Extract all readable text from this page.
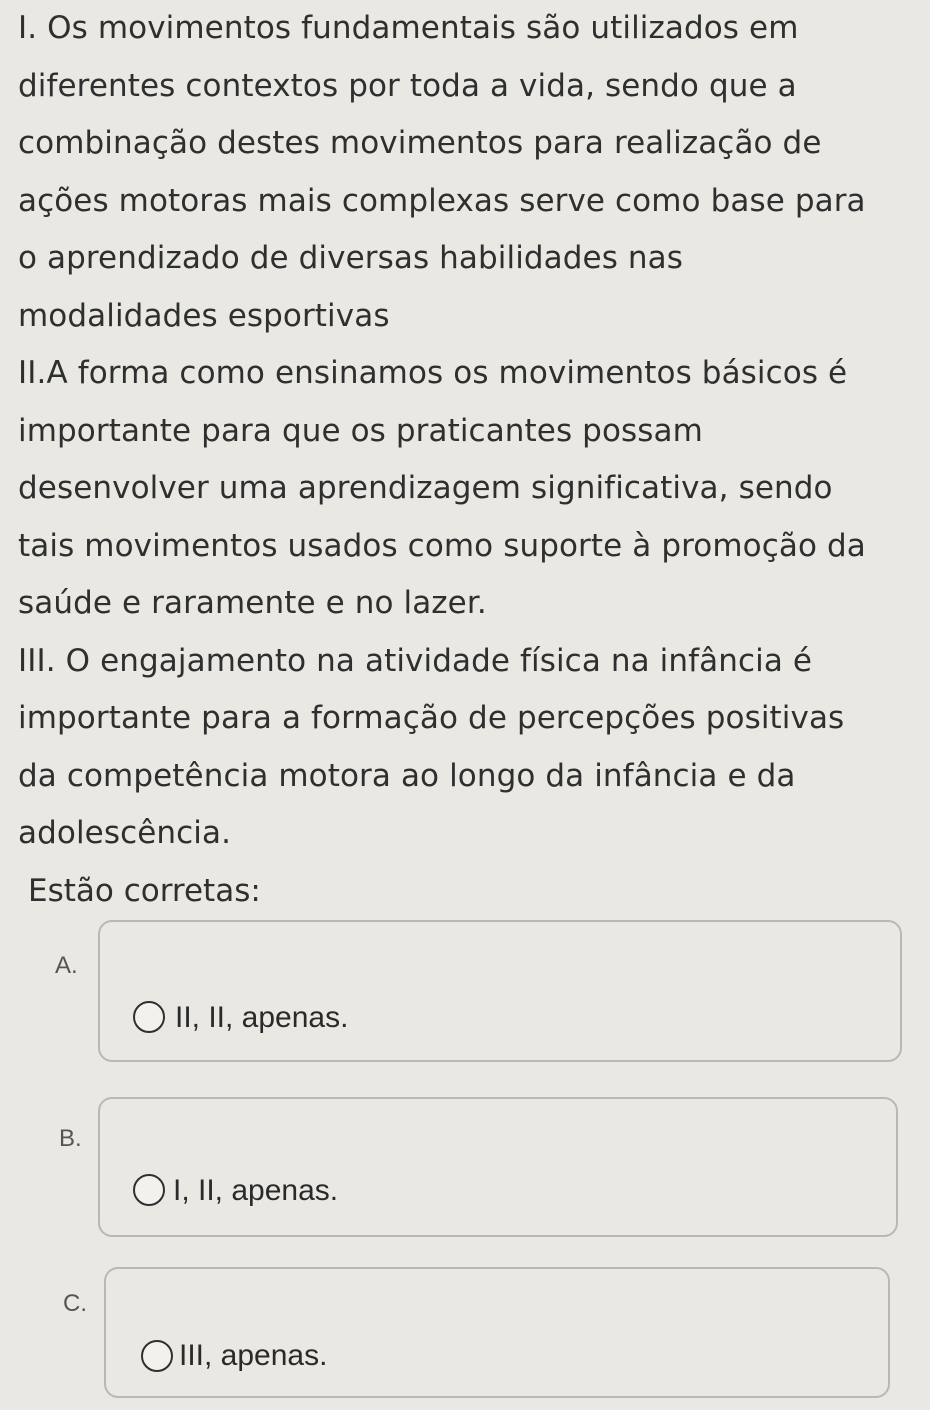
I. Os movimentos fundamentais são utilizados em

diferentes contextos por toda a vida, sendo que a

combinação destes movimentos para realização de

ações motoras mais complexas serve como base para

o aprendizado de diversas habilidades nas

modalidades esportivas

II.A forma como ensinamos os movimentos básicos é

importante para que os praticantes possam

desenvolver uma aprendizagem significativa, sendo

tais movimentos usados como suporte à promoção da

saúde e raramente e no lazer.

III. O engajamento na atividade física na infância é

importante para a formação de percepções positivas

da competência motora ao longo da infância e da

adolescência.

Estão corretas:

A.
II, II, apenas.
B.
I, II, apenas.
C.
III, apenas.
